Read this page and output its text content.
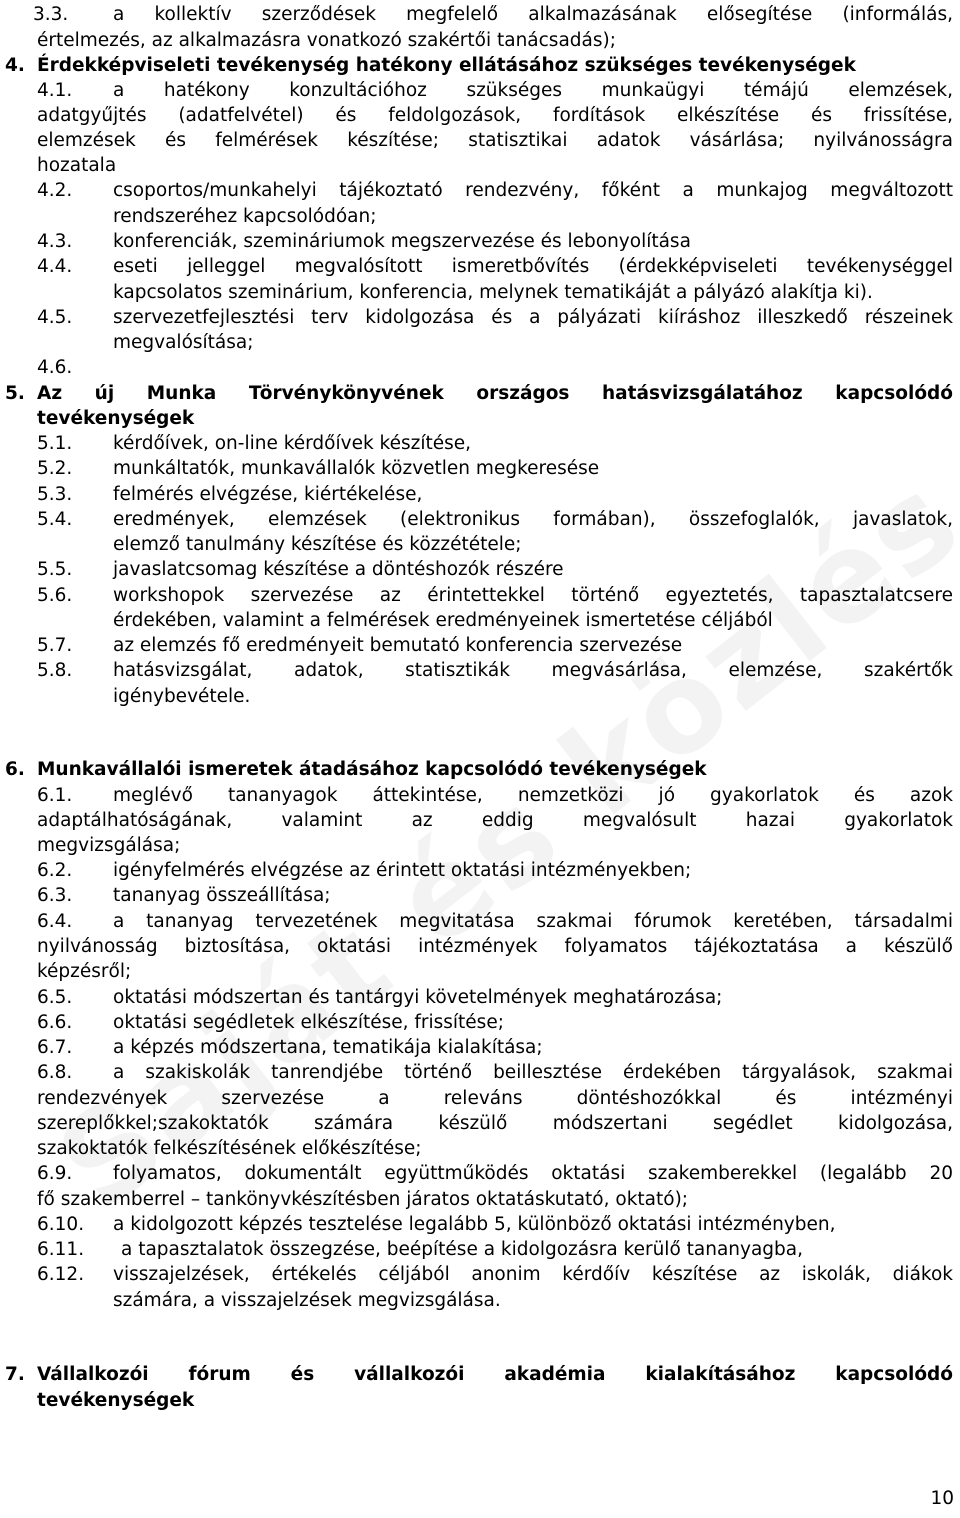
3.3. a kollektív szerződések megfelelő alkalmazásának elősegítése (informálás,
értelmezés, az alkalmazásra vonatkozó szakértői tanácsadás);
4. Érdekképviseleti tevékenység hatékony ellátásához szükséges tevékenységek
4.1. a hatékony konzultációhoz szükséges munkaügyi témájú elemzések,
adatgyűjtés (adatfelvétel) és feldolgozások, fordítások elkészítése és frissítése,
elemzések és felmérések készítése; statisztikai adatok vásárlása; nyilvánosságra
hozatala
4.2. csoportos/munkahelyi tájékoztató rendezvény, főként a munkajog megváltozott
rendszeréhez kapcsolódóan;
4.3. konferenciák, szemináriumok megszervezése és lebonyolítása
4.4. eseti jelleggel megvalósított ismeretbővítés (érdekképviseleti tevékenységgel
kapcsolatos szeminárium, konferencia, melynek tematikáját a pályázó alakítja ki).
4.5. szervezetfejlesztési terv kidolgozása és a pályázati kiíráshoz illeszkedő részeinek
megvalósítása;
4.6.
5. Az új Munka Törvénykönyvének országos hatásvizsgálatához kapcsolódó
tevékenységek
5.1. kérdőívek, on-line kérdőívek készítése,
5.2. munkáltatók, munkavállalók közvetlen megkeresése
5.3. felmérés elvégzése, kiértékelése,
5.4. eredmények, elemzések (elektronikus formában), összefoglalók, javaslatok,
elemző tanulmány készítése és közzététele;
5.5. javaslatcsomag készítése a döntéshozók részére
5.6. workshopok szervezése az érintettekkel történő egyeztetés, tapasztalatcsere
érdekében, valamint a felmérések eredményeinek ismertetése céljából
5.7. az elemzés fő eredményeit bemutató konferencia szervezése
5.8. hatásvizsgálat, adatok, statisztikák megvásárlása, elemzése, szakértők
igénybevétele.
6. Munkavállalói ismeretek átadásához kapcsolódó tevékenységek
6.1. meglévő tananyagok áttekintése, nemzetközi jó gyakorlatok és azok
adaptálhatóságának, valamint az eddig megvalósult hazai gyakorlatok
megvizsgálása;
6.2. igényfelmérés elvégzése az érintett oktatási intézményekben;
6.3. tananyag összeállítása;
6.4. a tananyag tervezetének megvitatása szakmai fórumok keretében, társadalmi
nyilvánosság biztosítása, oktatási intézmények folyamatos tájékoztatása a készülő
képzésről;
6.5. oktatási módszertan és tantárgyi követelmények meghatározása;
6.6. oktatási segédletek elkészítése, frissítése;
6.7. a képzés módszertana, tematikája kialakítása;
6.8. a szakiskolák tanrendjébe történő beillesztése érdekében tárgyalások, szakmai
rendezvények szervezése a releváns döntéshozókkal és intézményi
szereplőkkel;szakoktatók számára készülő módszertani segédlet kidolgozása,
szakoktatók felkészítésének előkészítése;
6.9. folyamatos, dokumentált együttműködés oktatási szakemberekkel (legalább 20
fő szakemberrel – tankönyvkészítésben járatos oktatáskutató, oktató);
6.10. a kidolgozott képzés tesztelése legalább 5, különböző oktatási intézményben,
6.11. a tapasztalatok összegzése, beépítése a kidolgozásra kerülő tananyagba,
6.12. visszajelzések, értékelés céljából anonim kérdőív készítése az iskolák, diákok
számára, a visszajelzések megvizsgálása.
7. Vállalkozói fórum és vállalkozói akadémia kialakításához kapcsolódó
tevékenységek
10
